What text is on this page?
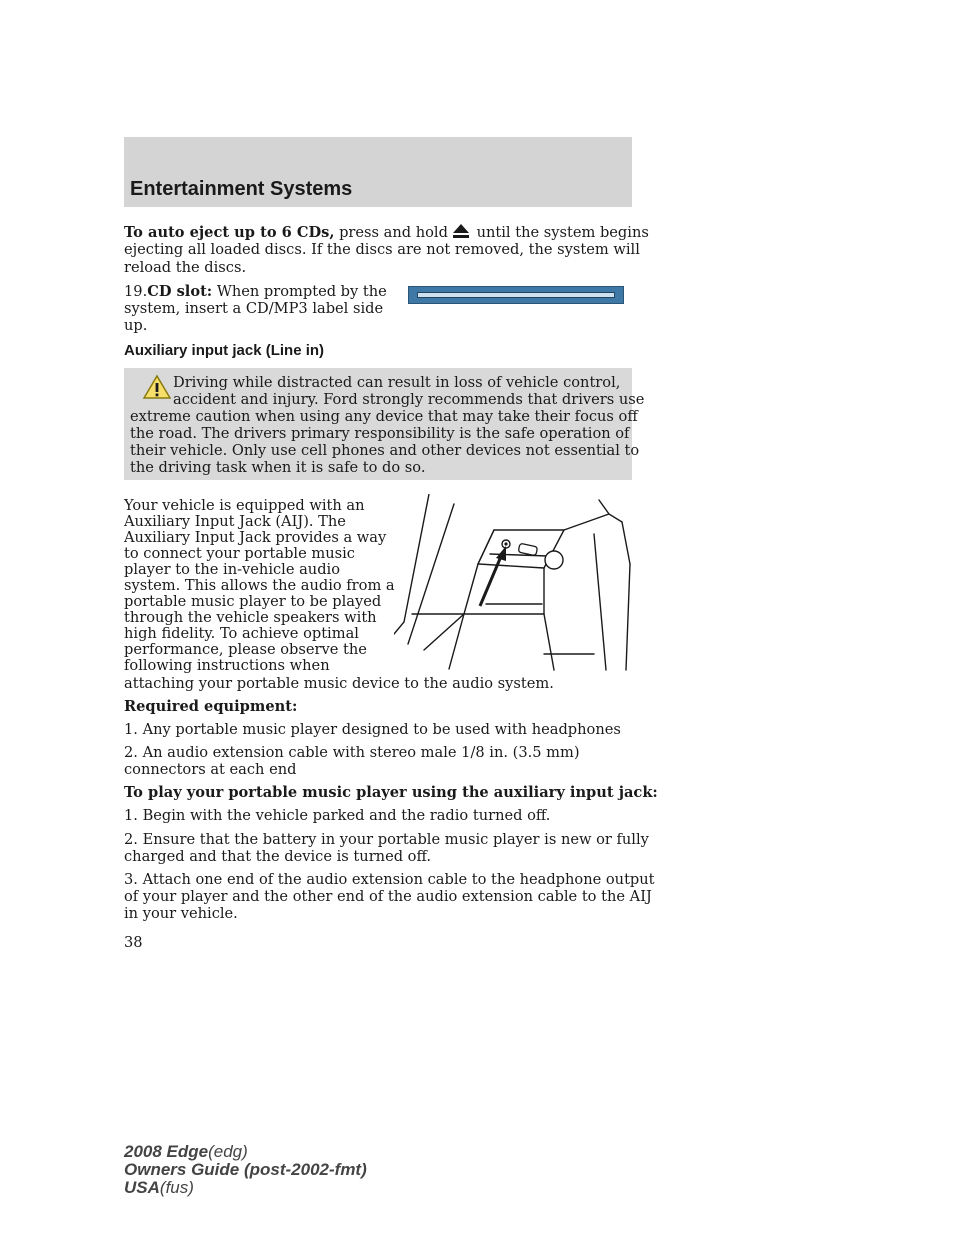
Entertainment Systems
To auto eject up to 6 CDs, press and hold until the system begins
ejecting all loaded discs. If the discs are not removed, the system will
reload the discs.
19.CD slot: When prompted by the
system, insert a CD/MP3 label side
up.
Auxiliary input jack (Line in)
Driving while distracted can result in loss of vehicle control,
accident and injury. Ford strongly recommends that drivers use
extreme caution when using any device that may take their focus off
the road. The drivers primary responsibility is the safe operation of
their vehicle. Only use cell phones and other devices not essential to
the driving task when it is safe to do so.
Your vehicle is equipped with an
Auxiliary Input Jack (AIJ). The
Auxiliary Input Jack provides a way
to connect your portable music
player to the in-vehicle audio
system. This allows the audio from a
portable music player to be played
through the vehicle speakers with
high fidelity. To achieve optimal
performance, please observe the
following instructions when
attaching your portable music device to the audio system.
Required equipment:
1. Any portable music player designed to be used with headphones
2. An audio extension cable with stereo male 1/8 in. (3.5 mm)
connectors at each end
To play your portable music player using the auxiliary input jack:
1. Begin with the vehicle parked and the radio turned off.
2. Ensure that the battery in your portable music player is new or fully
charged and that the device is turned off.
3. Attach one end of the audio extension cable to the headphone output
of your player and the other end of the audio extension cable to the AIJ
in your vehicle.
38
2008 Edge(edg)
Owners Guide (post-2002-fmt)
USA(fus)
